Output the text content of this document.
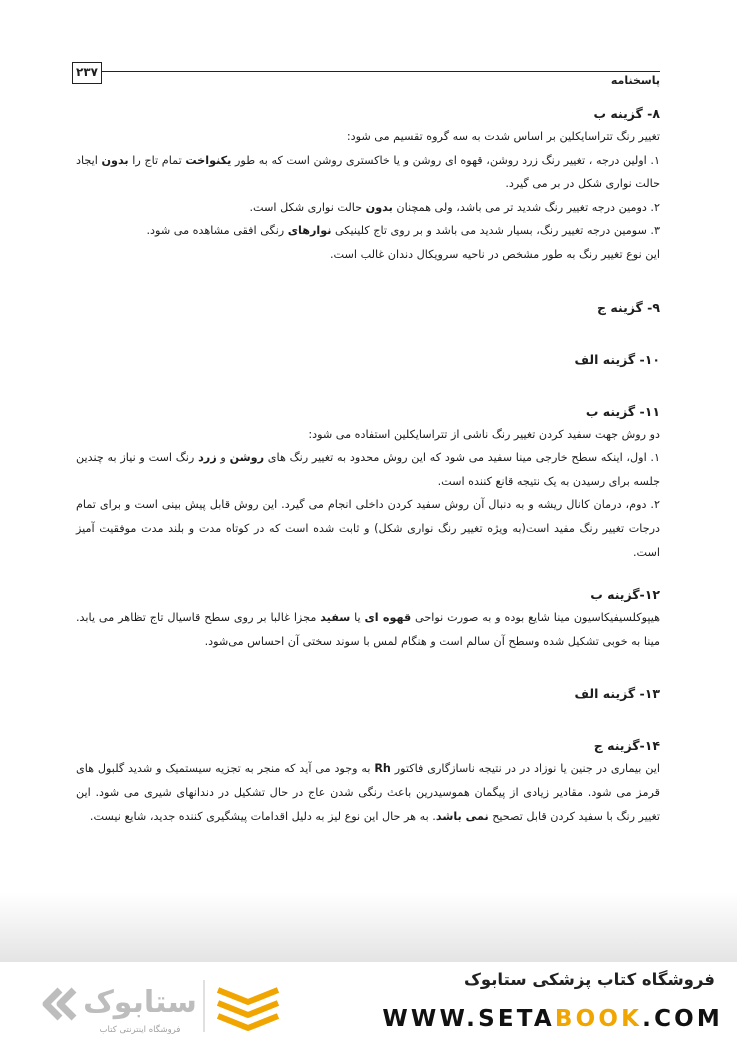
۲۳۷
پاسخنامه
۸- گزینه ب

تغییر رنگ تتراسایکلین بر اساس شدت به سه گروه تقسیم می شود:

۱. اولین درجه ، تغییر رنگ زرد روشن، قهوه ای روشن و یا خاکستری روشن است که به طور یکنواخت تمام تاج را بدون ایجاد حالت نواری شکل در بر می گیرد.

۲. دومین درجه تغییر رنگ شدید تر می باشد، ولی همچنان بدون حالت نواری شکل است.

۳. سومین درجه تغییر رنگ، بسیار شدید می باشد و بر روی تاج کلینیکی نوارهای رنگی افقی مشاهده می شود.

این نوع تغییر رنگ به طور مشخص در ناحیه سرویکال دندان غالب است.

۹- گزینه ج
۱۰- گزینه الف
۱۱- گزینه ب

دو روش جهت سفید کردن تغییر رنگ ناشی از تتراسایکلین استفاده می شود:

۱. اول، اینکه سطح خارجی مینا سفید می شود که این روش محدود به تغییر رنگ های روشن و زرد رنگ است و نیاز به چندین جلسه برای رسیدن به یک نتیجه قانع کننده است.

۲. دوم، درمان کانال ریشه و به دنبال آن روش سفید کردن داخلی انجام می گیرد. این روش قابل پیش بینی است و برای تمام درجات تغییر رنگ مفید است(به ویژه تغییر رنگ نواری شکل) و ثابت شده است که در کوتاه مدت و بلند مدت موفقیت آمیز است.

۱۲-گزینه ب

هیپوکلسیفیکاسیون مینا شایع بوده و به صورت نواحی قهوه ای یا سفید مجزا غالبا بر روی سطح قاسیال تاج تظاهر می یابد. مینا به خوبی تشکیل شده وسطح آن سالم است و هنگام لمس با سوند سختی آن احساس می‌شود.

۱۳- گزینه الف
۱۴-گزینه ج

این بیماری در جنین یا نوزاد در در نتیجه ناسازگاری فاکتور Rh به وجود می آید که منجر به تجزیه سیستمیک و شدید گلبول های قرمز می شود. مقادیر زیادی از پیگمان هموسیدرین باعث رنگی شدن عاج در حال تشکیل در دندانهای شیری می شود. این تغییر رنگ با سفید کردن قابل تصحیح نمی باشد. به هر حال این نوع لیز به دلیل اقدامات پیشگیری کننده جدید، شایع نیست.

ستابوک
فروشگاه اینترنتی کتاب
فروشگاه کتاب پزشکی ستابوک
WWW.SETABOOK.COM
